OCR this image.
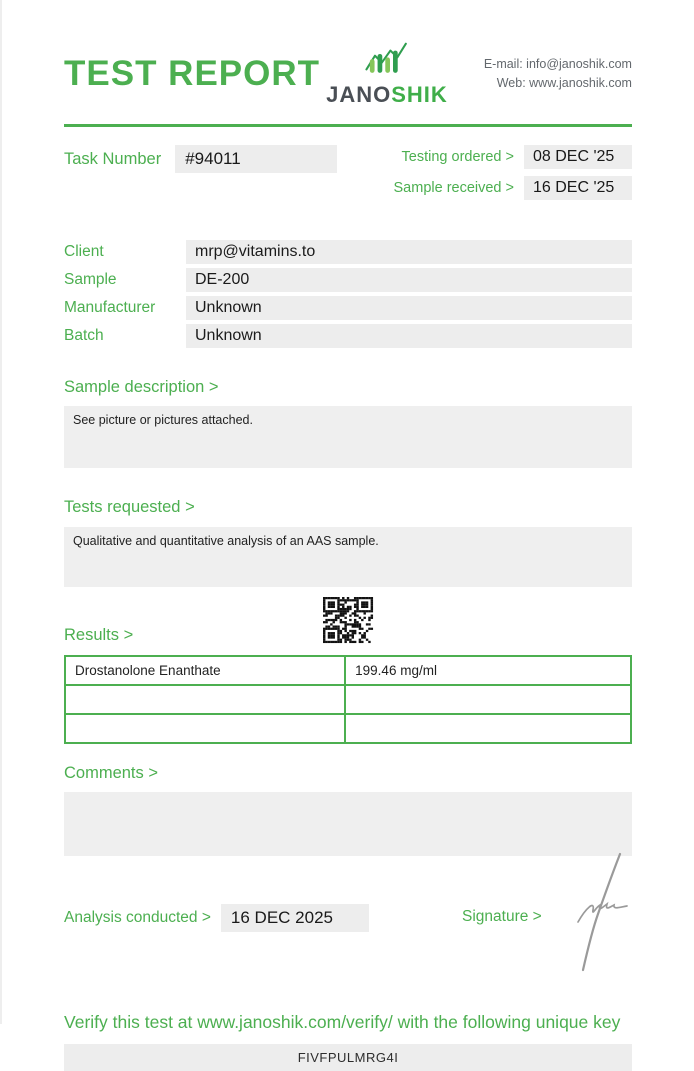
TEST REPORT
JANOSHIK
E-mail: info@janoshik.com
Web: www.janoshik.com
Task Number	#94011	Testing ordered >	08 DEC '25
Sample received >	16 DEC '25
Client	mrp@vitamins.to
Sample	DE-200
Manufacturer	Unknown
Batch	Unknown
Sample description >
See picture or pictures attached.
Tests requested >
Qualitative and quantitative analysis of an AAS sample.
Results >
Drostanolone Enanthate	199.46 mg/ml

Comments >
Analysis conducted >	16 DEC 2025	Signature >
Verify this test at www.janoshik.com/verify/ with the following unique key
FIVFPULMRG4I
